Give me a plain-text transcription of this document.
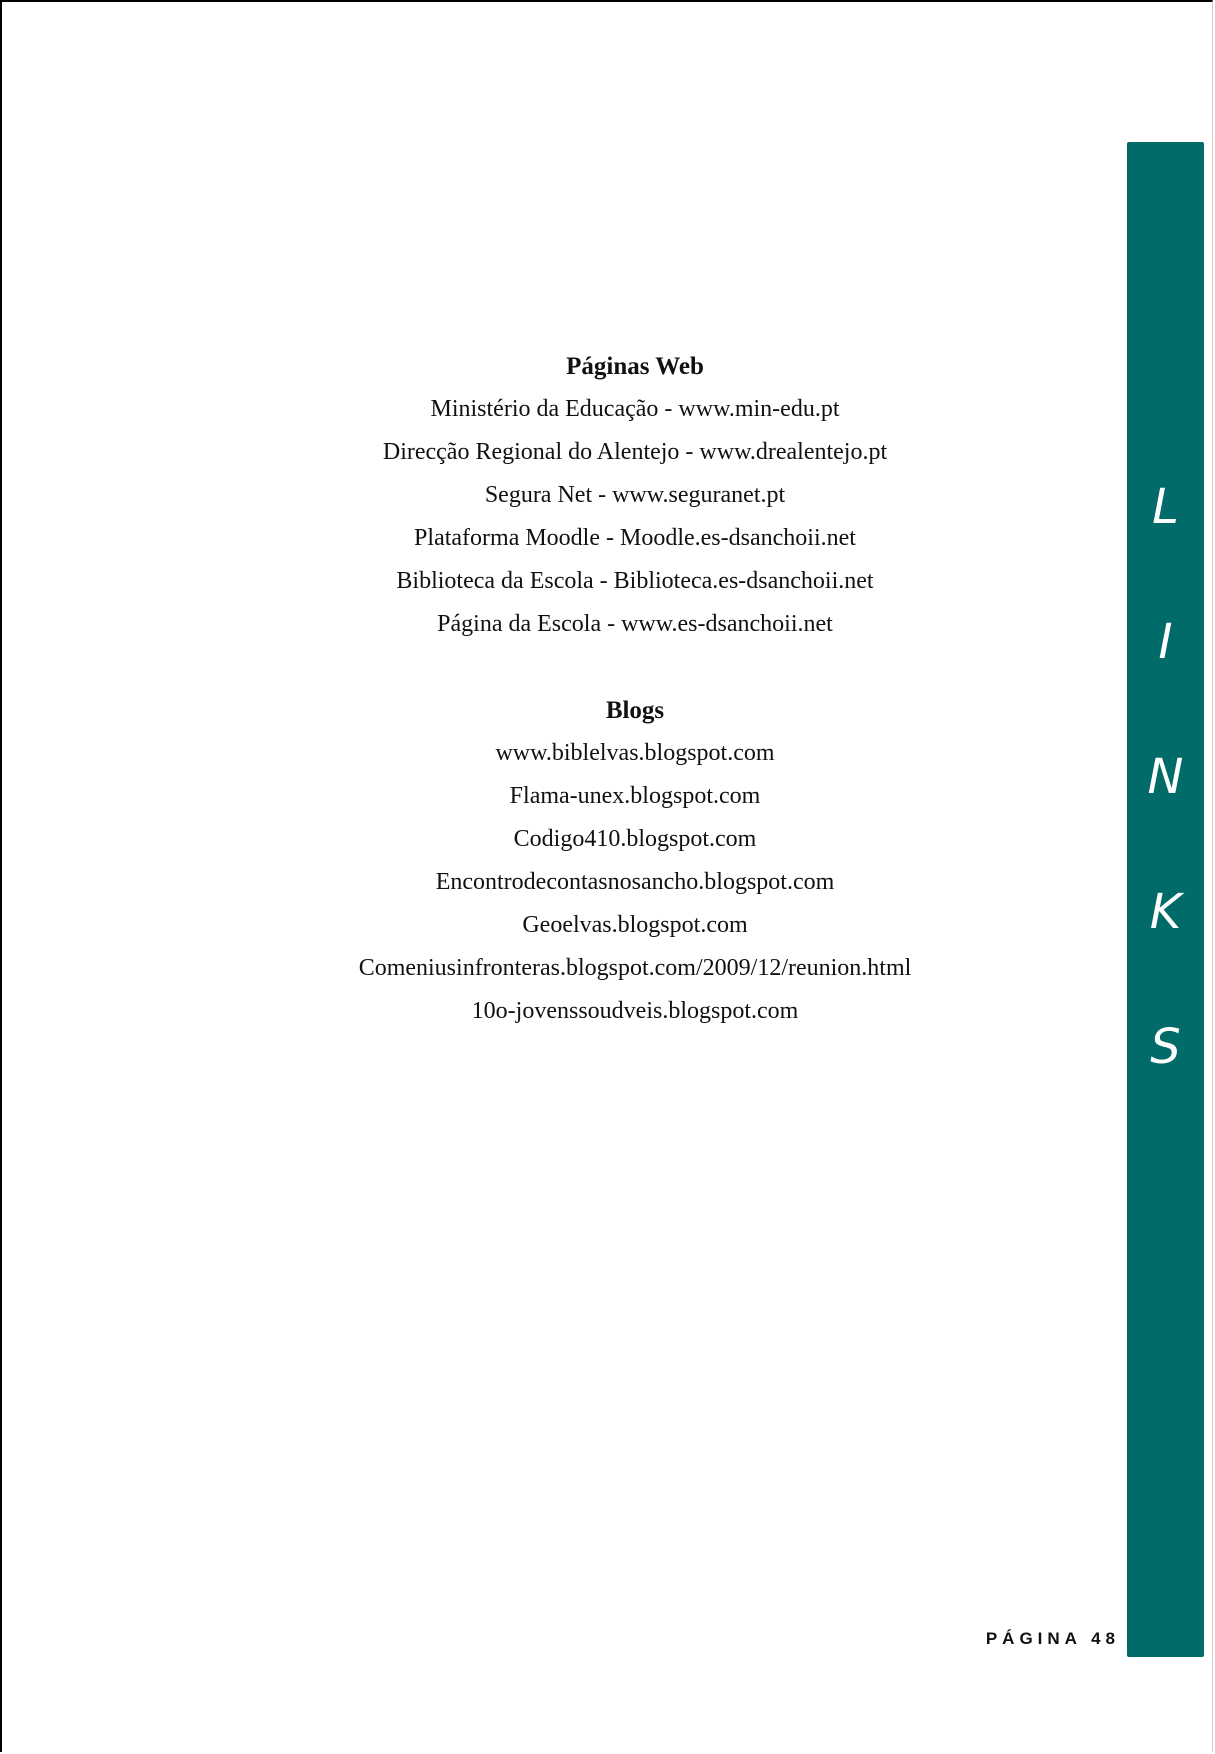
Páginas Web
Ministério da Educação - www.min-edu.pt
Direcção Regional do Alentejo - www.drealentejo.pt
Segura Net - www.seguranet.pt
Plataforma Moodle - Moodle.es-dsanchoii.net
Biblioteca da Escola - Biblioteca.es-dsanchoii.net
Página da Escola - www.es-dsanchoii.net
Blogs
www.biblelvas.blogspot.com
Flama-unex.blogspot.com
Codigo410.blogspot.com
Encontrodecontasnosancho.blogspot.com
Geoelvas.blogspot.com
Comeniusinfronteras.blogspot.com/2009/12/reunion.html
10o-jovenssoudveis.blogspot.com
L
I
N
K
S
PÁGINA 48
